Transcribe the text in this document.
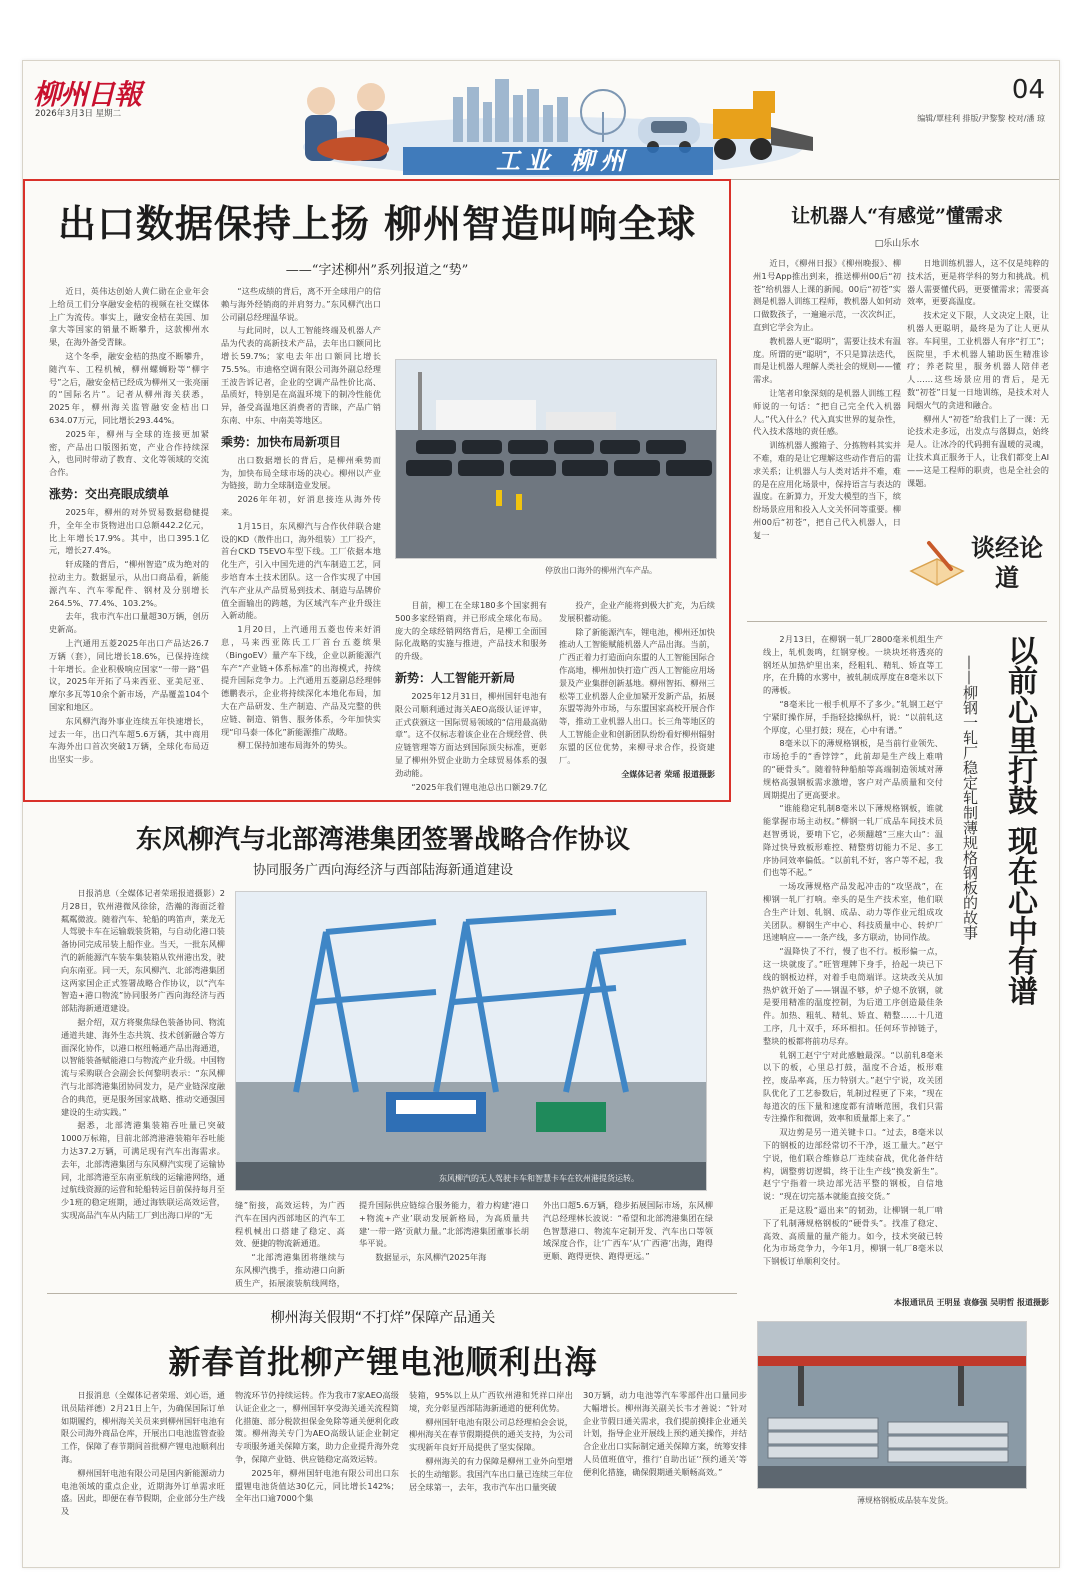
柳州日報
2026年3月3日 星期二
工业 柳州
04
编辑/覃桂利 排版/尹黎黎 校对/潘 琼
出口数据保持上扬 柳州智造叫响全球
——“字述柳州”系列报道之“势”

近日，英伟达创始人黄仁勋在企业年会上给员工们分享融安金桔的视频在社交媒体上广为流传。事实上，融安金桔在美国、加拿大等国家的销量不断攀升，这款柳州水果，在海外备受青睐。

这个冬季，融安金桔的热度不断攀升，随汽车、工程机械，柳州螺蛳粉等“柳字号”之后，融安金桔已经成为柳州又一张亮丽的“国际名片”。记者从柳州海关获悉，2025年，柳州海关监管融安金桔出口634.07万元，同比增长293.44%。

2025年，柳州与全球的连接更加紧密，产品出口版图拓宽，产业合作持续深入，也同时带动了教育、文化等领域的交流合作。

涨势：交出亮眼成绩单

2025年，柳州的对外贸易数据稳健提升，全年全市货物进出口总额442.2亿元，比上年增长17.9%。其中，出口395.1亿元，增长27.4%。

轩成隆的背后，“柳州智造”成为绝对的拉动主力。数据显示，从出口商品看，新能源汽车、汽车零配件、钢材及分别增长264.5%、77.4%、103.2%。

去年，我市汽车出口量超30万辆，创历史新高。

上汽通用五菱2025年出口产品达26.7万辆（套），同比增长18.6%，已保持连续十年增长。企业积极响应国家“一带一路”倡议，2025年开拓了马来西亚、亚美尼亚、摩尔多瓦等10余个新市场，产品覆盖104个国家和地区。

东风柳汽海外事业连续五年快速增长，过去一年，出口汽车超5.6万辆，其中商用车海外出口首次突破1万辆，全球化布局迈出坚实一步。

“这些成绩的背后，离不开全球用户的信赖与海外经销商的并肩努力。”东风柳汽出口公司副总经理温华说。

与此同时，以人工智能终端及机器人产品为代表的高新技术产品，去年出口额同比增长59.7%；家电去年出口额同比增长75.5%。市迪格空调有限公司海外副总经理王波告诉记者，企业的空调产品性价比高、品质好，特别是在高温环境下的制冷性能优异，备受高温地区消费者的青睐，产品广销东南、中东、中南美等地区。

乘势：加快布局新项目

出口数据增长的背后，是柳州乘势而为，加快布局全球市场的决心。柳州以产业为链接，助力全球制造业发展。

2026年年初，好消息接连从海外传来。

1月15日，东风柳汽与合作伙伴联合建设的KD（散件出口，海外组装）工厂投产，首台CKD T5EVO车型下线。工厂依据本地化生产，引入中国先进的汽车制造工艺，同步培育本土技术团队。这一合作实现了中国汽车产业从产品贸易到技术、制造与品牌价值全面输出的跨越，为区域汽车产业升级注入新动能。

1月20日，上汽通用五菱也传来好消息，马来西亚陈氏工厂首台五菱缤果（BingoEV）量产车下线，企业以新能源汽车产“产业链+体系标准”的出海模式，持续提升国际竞争力。上汽通用五菱副总经理韩德鹏表示，企业将持续深化本地化布局，加大在产品研发、生产制造、产品及完整的供应链、制造、销售、服务体系，今年加快实现“印马泰一体化”新能源推广战略。

柳工保持加速布局海外的势头。

停放出口海外的柳州汽车产品。

目前，柳工在全球180多个国家拥有500多家经销商，并已形成全球化布局。庞大的全球经销网络背后，是柳工全面国际化战略的实施与推进，产品技术和服务的升级。

新势：人工智能开新局

2025年12月31日，柳州国轩电池有限公司顺利通过海关AEO高级认证评审，正式获颁这一国际贸易领域的“信用最高勋章”。这不仅标志着该企业在合规经营、供应链管理等方面达到国际顶尖标准，更彰显了柳州外贸企业助力全球贸易体系的强劲动能。

“2025年我们锂电池总出口额29.7亿

投产，企业产能将到极大扩充，为后续发展积蓄动能。

除了新能源汽车，锂电池，柳州还加快推动人工智能赋能机器人产品出海。当前，广西正着力打造面向东盟的人工智能国际合作高地，柳州加快打造广西人工智能应用场景及产业集群创新基地。柳州智拓、柳州三松等工业机器人企业加紧开发新产品，拓展东盟等海外市场，与东盟国家高校开展合作等，推动工业机器人出口。长三角等地区的人工智能企业和创新团队纷纷看好柳州辐射东盟的区位优势，来柳寻求合作，投资建厂。

全媒体记者 荣瑶 报道摄影
让机器人“有感觉”懂需求
□乐山乐水

近日，《柳州日报》《柳州晚报》、柳州1号App推出到来，推送柳州00后“初苍”给机器人上课的新闻。00后“初苍”实测是机器人训练工程师，教机器人如何动口做数孩子，一遍遍示范，一次次纠正，直到它学会为止。

教机器人更“聪明”，需要让技术有温度。所谓的更“聪明”，不只是算法迭代，而是让机器人理解人类社会的规则——懂需求。

让笔者印象深刻的是机器人训练工程师说的一句话：“把自己完全代入机器人。”代入什么？代入真实世界的复杂性，代入技术落地的责任感。

训练机器人搬箱子、分拣物料其实并不难，难的是让它理解这些动作背后的需求关系；让机器人与人类对话并不难，难的是在应用化场景中，保持语言与表达的温度。在新算力，开发大模型的当下，缤纷场景应用和投入人文关怀同等重要。柳州00后“初苍”，把自己代入机器人，日复一

日地训练机器人，这不仅是纯粹的技术活，更是将学科的努力和挑战。机器人需要懂代码，更要懂需求；需要高效率，更要高温度。

技术定义下限，人文决定上限，让机器人更聪明，最终是为了让人更从容。车间里，工业机器人有序“打工”；医院里，手术机器人辅助医生精准诊疗；养老院里，服务机器人陪伴老人……这些场景应用的背后，是无数“初苍”日复一日地训练，是技术对人间烟火气的贪进和融合。

柳州人“初苍”给我们上了一课：无论技术走多远，出发点与落脚点，始终是人。让冰冷的代码拥有温暖的灵魂，让技术真正服务于人，让我们都变上AI——这是工程师的职责，也是全社会的课题。

谈经论道
以前心里打鼓 现在心中有谱
——柳钢一轧厂稳定轧制薄规格钢板的故事

2月13日，在柳钢一轧厂2800毫米机组生产线上，轧机轰鸣，红钢穿梭。一块块坯将透亮的钢坯从加热炉里出来，经粗轧、精轧、矫直等工序，在升腾的水雾中，被轧制成厚度在8毫米以下的薄板。

“8毫米比一根手机厚不了多少。”轧钢工赵宁宁紧盯操作屏，手指轻捻操纵杆，说：“以前轧这个厚度，心里打鼓；现在，心中有谱。”

8毫米以下的薄规格钢板，是当前行业领先、市场抢手的“香饽饽”，此前却是生产线上难啃的“硬骨头”。随着特种船舶等高端制造领域对薄规格高强钢板需求激增，客户对产品质量和交付周期提出了更高要求。

“谁能稳定轧制8毫米以下薄规格钢板，谁就能掌握市场主动权。”柳钢一轧厂成品车间技术员赵智勇说，要啃下它，必须翻越“三座大山”：温降过快导致板形难控、精整剪切能力不足、多工序协同效率偏低。“以前轧不好，客户等不起，我们也等不起。”

一场攻薄规格产品发起冲击的“攻坚战”，在柳钢一轧厂打响。牵头的是生产技术室，他们联合生产计划、轧钢、成品、动力等作业元组成攻关团队。柳钢生产中心、科技质量中心、转炉厂迅速响应——一条产线，多方联动，协同作战。

“温降快了不行，慢了也不行。板形偏一点，这一块就废了。”旺管理牌下身手，拾起一块已下线的钢板边样，对着手电筒端详。这块改关从加热炉就开始了——钢温不够，炉子熄不放钢，就是要用精准的温度控制，为后道工序创造最佳条件。加热、粗轧、精轧、矫直、精整……十几道工序，几十双手，环环相扣。任何环节掉链子，整块的板都将前功尽弃。

轧钢工赵宁宁对此感触最深。“以前轧8毫米以下的板，心里总打鼓，温度不合适，板形难控，废品率高，压力特别大。”赵宁宁说，攻关团队优化了工艺参数后，轧制过程更了下来，“现在每道次的压下量和速度都有清晰范围，我们只需专注操作和微调，效率和质量都上来了。”

双边剪是另一道关键卡口。“过去，8毫米以下的钢板的边部经常切不干净，返工量大。”赵宁宁说，他们联合维修总厂连续奋战，优化备件结构，调整剪切逻辑，终于让生产线“换发新生”。赵宁宁指着一块边部光洁平整的钢板，自信地说：“现在切完基本就能直接交货。”

正是这股“逼出来”的韧劲，让柳钢一轧厂啃下了轧制薄规格钢板的“硬骨头”。找准了稳定、高效、高质量的量产能力。如今，技术突破已转化为市场竞争力，今年1月，柳钢一轧厂8毫米以下钢板订单顺利交付。

本报通讯员 王明显 袁修强 吴明哲 报道摄影
薄规格钢板成品装车发货。
东风柳汽与北部湾港集团签署战略合作协议
协同服务广西向海经济与西部陆海新通道建设

日报消息（全媒体记者荣瑶报道摄影）2月28日，钦州港微风徐徐，浩瀚的海面泛着粼粼微波。随着汽车、轮船的鸣笛声，莱龙无人驾驶卡车在运输载装货箱，与自动化港口装备协同完成吊装上船作业。当天，一批东风柳汽的新能源汽车装车集装箱从钦州港出发，驶向东南亚。同一天，东风柳汽、北部湾港集团这两家国企正式签署战略合作协议，以“汽车智造+港口物流”协同服务广西向海经济与西部陆海新通道建设。

据介绍，双方将聚焦绿色装备协同、物流通道共建、海外生态共筑、技术创新融合等方面深化协作，以港口枢纽畅通产品出海通道，以智能装备赋能港口与物流产业升级。中国物流与采购联合会副会长何黎明表示：“东风柳汽与北部湾港集团协同发力，是产业链深度融合的典范，更是服务国家战略、推动交通强国建设的生动实践。”

据悉，北部湾港集装箱吞吐量已突破1000万标箱，目前北部湾港港装箱年吞吐能力达37.2万辆，可满足现有汽车出海需求。去年，北部湾港集团与东风柳汽实现了运输协同，北部湾港至东南亚航线的运输港网络，通过航线资源的运营和轮船转运目前保持每月至少1班的稳定班期，通过海铁联运高效运营，实现高品汽车从内陆工厂到出海口岸的“无

东风柳汽的无人驾驶卡车和智慧卡车在钦州港提货运转。

缝”衔接，高效运转，为广西汽车在国内西部地区的汽车工程机械出口搭建了稳定、高效、便捷的物流新通道。

“北部湾港集团将继续与东风柳汽携手，推动港口向新质生产，拓展滚装航线网络，

提升国际供应链综合服务能力，着力构建‘港口+物流+产业’联动发展新格局，为高质量共建‘一带一路’贡献力量。”北部湾港集团董事长胡华平说。

数据显示，东风柳汽2025年海

外出口超5.6万辆，稳步拓展国际市场，东风柳汽总经理林长波说：“希望和北部湾港集团在绿色智慧港口、物流车定制开发、汽车出口等领域深度合作，让‘广西车’从‘广西港’出海，跑得更顺、跑得更快、跑得更远。”

柳州海关假期“不打烊”保障产品通关
新春首批柳产锂电池顺利出海

日报消息（全媒体记者荣瑶、刘心语，通讯员陆祥德）2月21日上午，为确保国际订单如期履约，柳州海关关员来到柳州国轩电池有限公司海外商品仓库，开展出口电池监管查验工作，保障了春节期间首批柳产锂电池顺利出海。

柳州国轩电池有限公司是国内新能源动力电池领域的重点企业，近期海外订单需求旺盛。因此，即便在春节假期，企业部分生产线及

物流环节仍持续运转。作为我市7家AEO高级认证企业之一，柳州国轩享受海关通关流程简化措施、部分税款担保金免除等通关便利化政策。柳州海关专门为AEO高级认证企业制定专项服务通关保障方案，助力企业提升海外竞争，保障产业链、供应链稳定高效运转。

2025年，柳州国轩电池有限公司出口东盟锂电池货值达30亿元，同比增长142%；全年出口逾7000个集

装箱，95%以上从广西钦州港和凭祥口岸出境，充分彰显西部陆海新通道的便利优势。

柳州国轩电池有限公司总经理柏会会说，柳州海关在春节假期提供的通关支持，为公司实现新年良好开局提供了坚实保障。

柳州海关的有力保障是柳州工业外向型增长的生动缩影。我国汽车出口量已连续三年位居全球第一，去年，我市汽车出口量突破

30万辆，动力电池等汽车零部件出口量同步大幅增长。柳州海关副关长韦才善说：“针对企业节假日通关需求，我们提前摸排企业通关计划，指导企业开展线上预约通关操作，并结合企业出口实际制定通关保障方案，统筹安排人员值班值守，推行‘自助出证’‘预约通关’等便利化措施，确保假期通关顺畅高效。”
